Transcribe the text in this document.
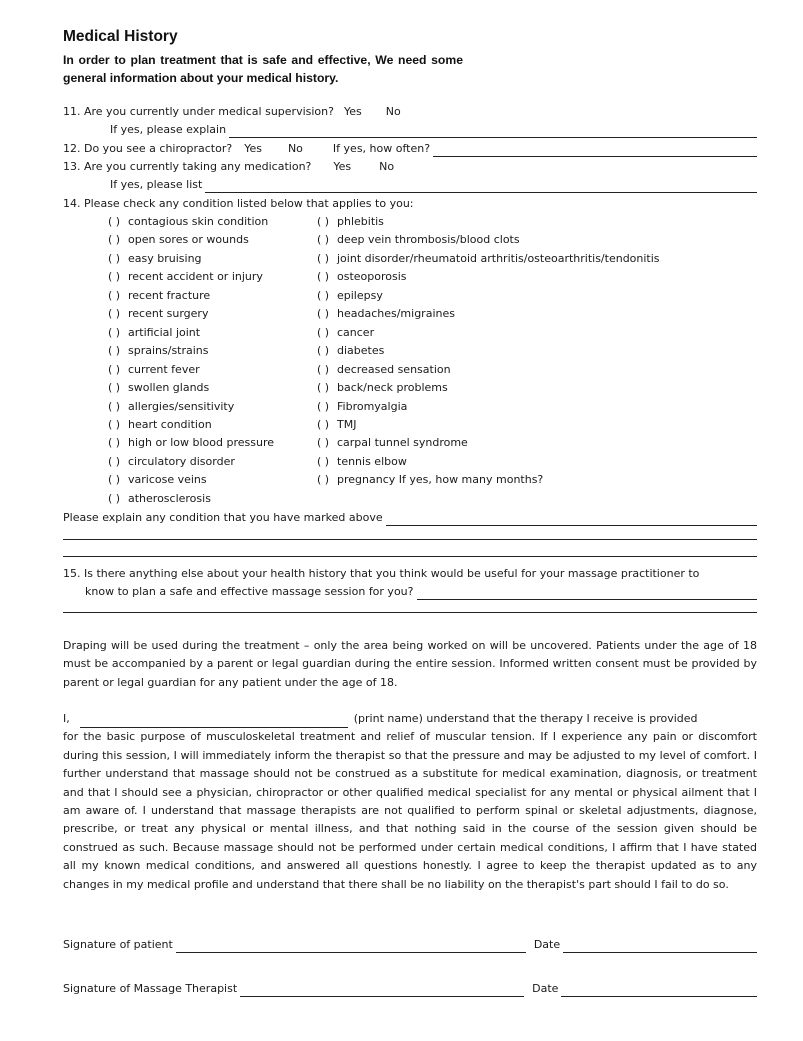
Medical History
In order to plan treatment that is safe and effective, We need some general information about your medical history.
11. Are you currently under medical supervision? Yes No
If yes, please explain
12. Do you see a chiropractor? Yes No	If yes, how often?
13. Are you currently taking any medication? Yes	No
If yes, please list
14. Please check any condition listed below that applies to you:
Please explain any condition that you have marked above
15. Is there anything else about your health history that you think would be useful for your massage practitioner to
know to plan a safe and effective massage session for you?
Draping will be used during the treatment – only the area being worked on will be uncovered. Patients under the age of 18 must be accompanied by a parent or legal guardian during the entire session. Informed written consent must be provided by parent or legal guardian for any patient under the age of 18.
I,	(print name) understand that the therapy I receive is provided
for the basic purpose of musculoskeletal treatment and relief of muscular tension. If I experience any pain or discomfort during this session, I will immediately inform the therapist so that the pressure and may be adjusted to my level of comfort. I further understand that massage should not be construed as a substitute for medical examination, diagnosis, or treatment and that I should see a physician, chiropractor or other qualified medical specialist for any mental or physical ailment that I am aware of. I understand that massage therapists are not qualified to perform spinal or skeletal adjustments, diagnose, prescribe, or treat any physical or mental illness, and that nothing said in the course of the session given should be construed as such. Because massage should not be performed under certain medical conditions, I affirm that I have stated all my known medical conditions, and answered all questions honestly. I agree to keep the therapist updated as to any changes in my medical profile and understand that there shall be no liability on the therapist's part should I fail to do so.
Signature of patient	Date
Signature of Massage Therapist	Date
( ) contagious skin condition
( ) open sores or wounds
( ) easy bruising
( ) recent accident or injury
( ) recent fracture
( ) recent surgery
( ) artificial joint
( ) sprains/strains
( ) current fever
( ) swollen glands
( ) allergies/sensitivity
( ) heart condition
( ) high or low blood pressure
( ) circulatory disorder
( ) varicose veins
( ) atherosclerosis
( ) phlebitis
( ) deep vein thrombosis/blood clots
( ) joint disorder/rheumatoid arthritis/osteoarthritis/tendonitis
( ) osteoporosis
( ) epilepsy
( ) headaches/migraines
( ) cancer
( ) diabetes
( ) decreased sensation
( ) back/neck problems
( ) Fibromyalgia
( ) TMJ
( ) carpal tunnel syndrome
( ) tennis elbow
( ) pregnancy If yes, how many months?
